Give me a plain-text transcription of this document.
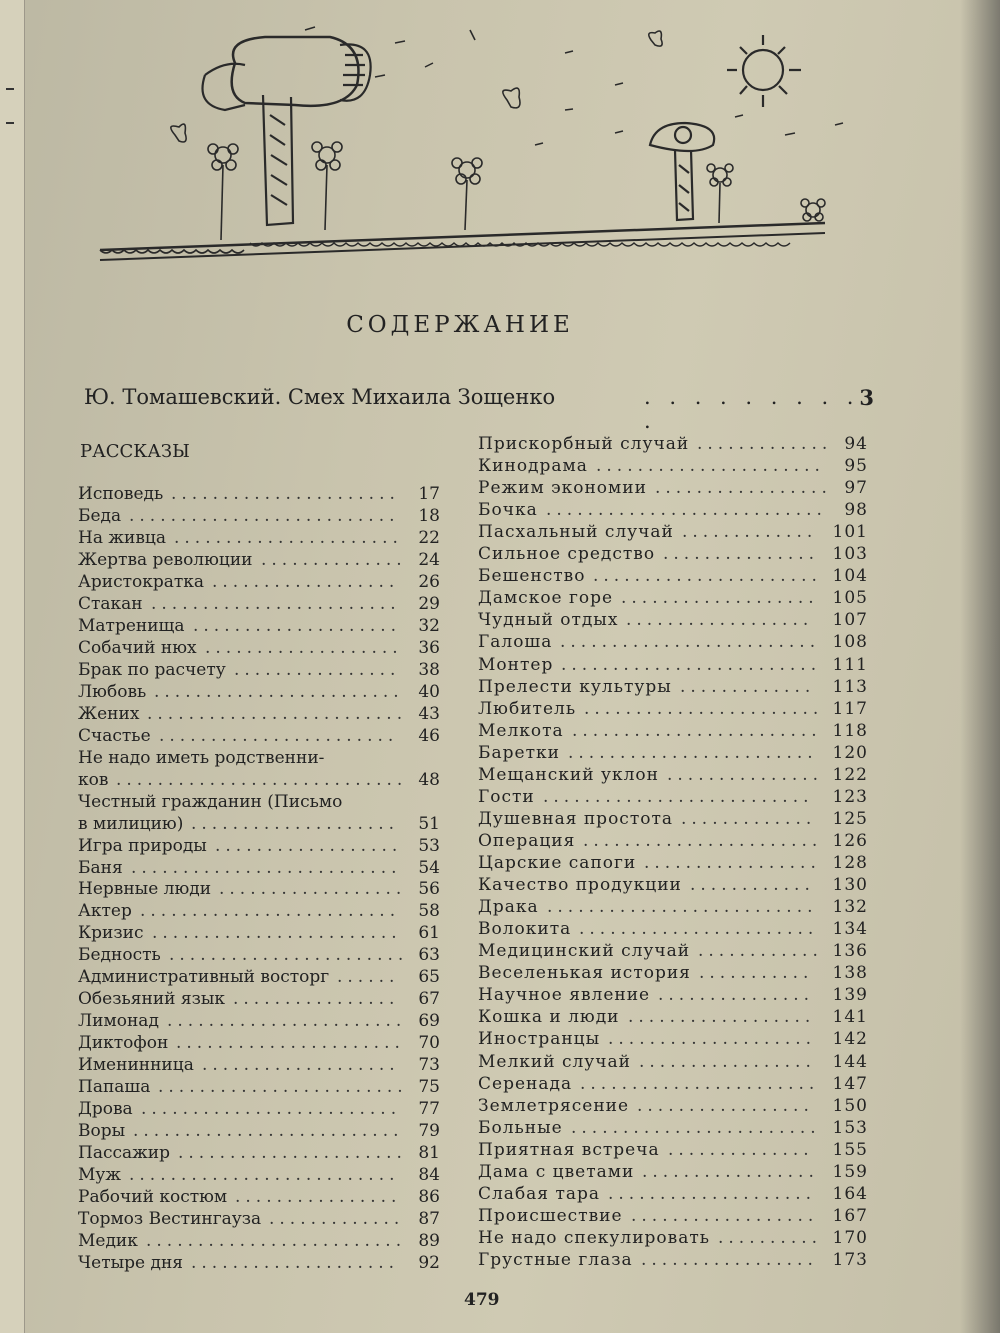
СОДЕРЖАНИЕ
Ю. Томашевский. Смех Михаила Зощенко	. . . . . . . . . .
3
РАССКАЗЫ
Исповедь ...................... 17
Беда .......................... 18
На живца ...................... 22
Жертва революции .............. 24
Аристократка .................. 26
Стакан ........................ 29
Матренища .................... 32
Собачий нюх ................... 36
Брак по расчету ................ 38
Любовь ........................ 40
Жених ......................... 43
Счастье ....................... 46
Не надо иметь родственни-
ков ............................ 48
Честный гражданин (Письмо
в милицию) .................... 51
Игра природы .................. 53
Баня .......................... 54
Нервные люди .................. 56
Актер ......................... 58
Кризис ........................ 61
Бедность ....................... 63
Административный восторг ...... 65
Обезьяний язык ................ 67
Лимонад ....................... 69
Диктофон ...................... 70
Именинница ................... 73
Папаша ........................ 75
Дрова ......................... 77
Воры .......................... 79
Пассажир ...................... 81
Муж .......................... 84
Рабочий костюм ................ 86
Тормоз Вестингауза ............. 87
Медик ......................... 89
Четыре дня .................... 92
Прискорбный случай ............. 94
Кинодрама ...................... 95
Режим экономии ................. 97
Бочка ........................... 98
Пасхальный случай ............. 101
Сильное средство ............... 103
Бешенство ...................... 104
Дамское горе ................... 105
Чудный отдых .................. 107
Галоша ......................... 108
Монтер ......................... 111
Прелести культуры ............. 113
Любитель ....................... 117
Мелкота ........................ 118
Баретки ........................ 120
Мещанский уклон ............... 122
Гости .......................... 123
Душевная простота ............. 125
Операция ....................... 126
Царские сапоги ................. 128
Качество продукции ............ 130
Драка .......................... 132
Волокита ....................... 134
Медицинский случай ............ 136
Веселенькая история ........... 138
Научное явление ............... 139
Кошка и люди .................. 141
Иностранцы .................... 142
Мелкий случай ................. 144
Серенада ....................... 147
Землетрясение ................. 150
Больные ........................ 153
Приятная встреча .............. 155
Дама с цветами ................. 159
Слабая тара .................... 164
Происшествие .................. 167
Не надо спекулировать .......... 170
Грустные глаза ................. 173
479
